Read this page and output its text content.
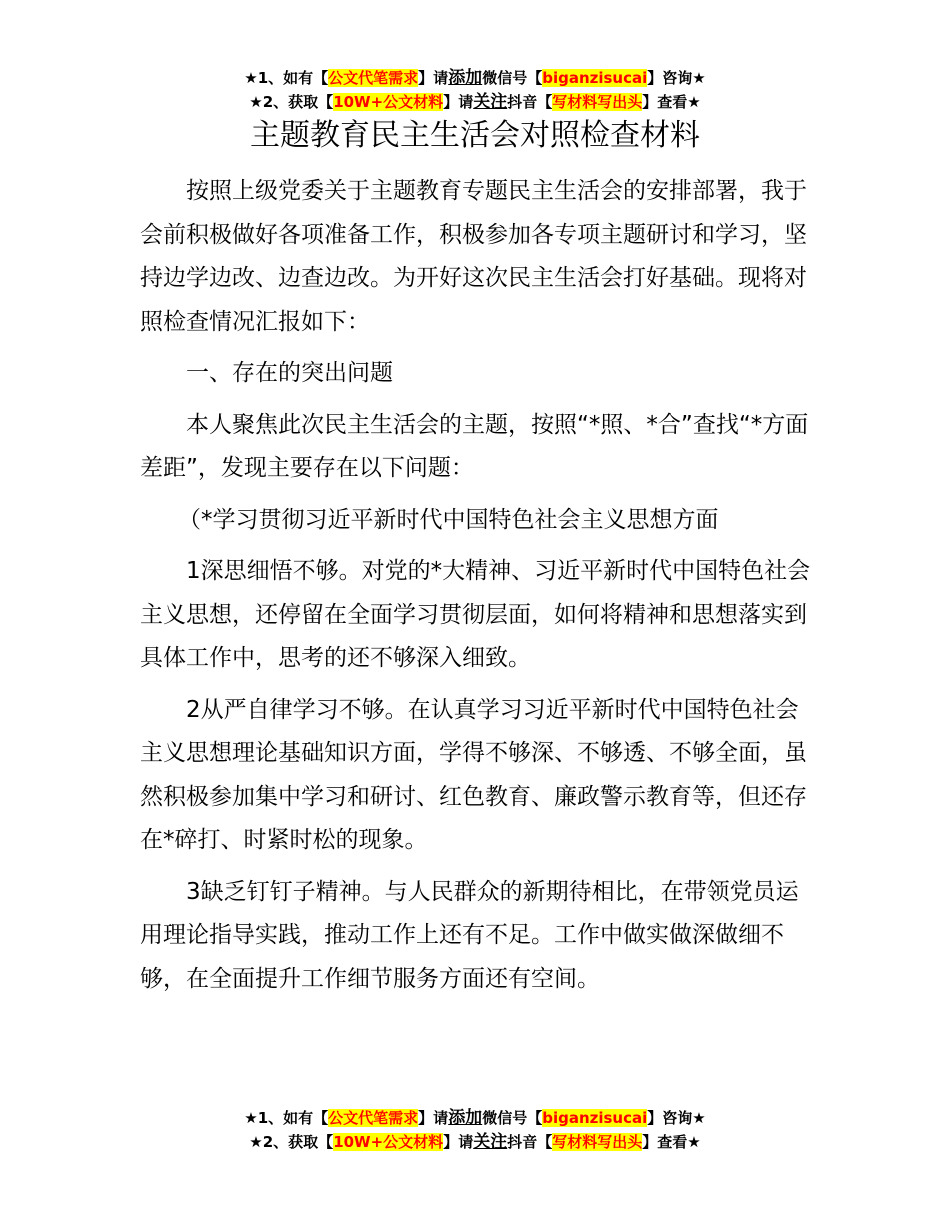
★1、如有【公文代笔需求】请添加微信号【biganzisucai】咨询★
★2、获取【10W+公文材料】请关注抖音【写材料写出头】查看★
主题教育民主生活会对照检查材料

按照上级党委关于主题教育专题民主生活会的安排部署，我于会前积极做好各项准备工作，积极参加各专项主题研讨和学习，坚持边学边改、边查边改。为开好这次民主生活会打好基础。现将对照检查情况汇报如下：

一、存在的突出问题

本人聚焦此次民主生活会的主题，按照“*照、*合”查找“*方面差距”，发现主要存在以下问题：

（*学习贯彻习近平新时代中国特色社会主义思想方面

1深思细悟不够。对党的*大精神、习近平新时代中国特色社会主义思想，还停留在全面学习贯彻层面，如何将精神和思想落实到具体工作中，思考的还不够深入细致。

2从严自律学习不够。在认真学习习近平新时代中国特色社会主义思想理论基础知识方面，学得不够深、不够透、不够全面，虽然积极参加集中学习和研讨、红色教育、廉政警示教育等，但还存在*碎打、时紧时松的现象。

3缺乏钉钉子精神。与人民群众的新期待相比，在带领党员运用理论指导实践，推动工作上还有不足。工作中做实做深做细不够，在全面提升工作细节服务方面还有空间。

★1、如有【公文代笔需求】请添加微信号【biganzisucai】咨询★
★2、获取【10W+公文材料】请关注抖音【写材料写出头】查看★
